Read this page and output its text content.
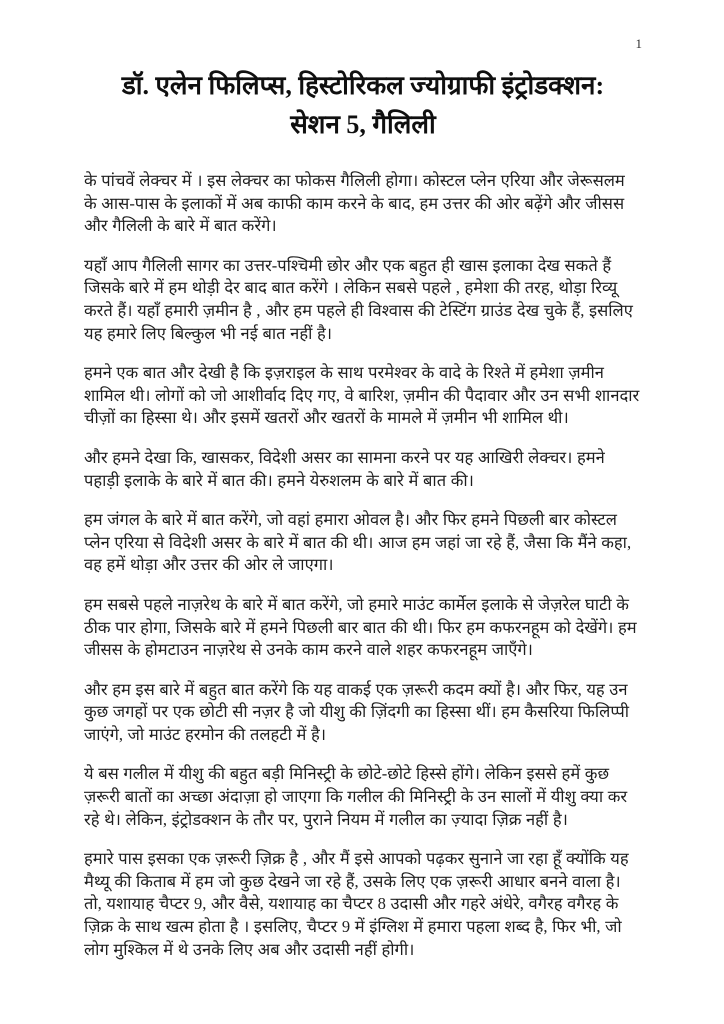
1
डॉ. एलेन फिलिप्स, हिस्टोरिकल ज्योग्राफी इंट्रोडक्शन:
सेशन 5, गैलिली

के पांचवें लेक्चर में । इस लेक्चर का फोकस गैलिली होगा। कोस्टल प्लेन एरिया और जेरूसलम के आस-पास के इलाकों में अब काफी काम करने के बाद, हम उत्तर की ओर बढ़ेंगे और जीसस और गैलिली के बारे में बात करेंगे।

यहाँ आप गैलिली सागर का उत्तर-पश्चिमी छोर और एक बहुत ही खास इलाका देख सकते हैं जिसके बारे में हम थोड़ी देर बाद बात करेंगे । लेकिन सबसे पहले , हमेशा की तरह, थोड़ा रिव्यू करते हैं। यहाँ हमारी ज़मीन है , और हम पहले ही विश्वास की टेस्टिंग ग्राउंड देख चुके हैं, इसलिए यह हमारे लिए बिल्कुल भी नई बात नहीं है।

हमने एक बात और देखी है कि इज़राइल के साथ परमेश्वर के वादे के रिश्ते में हमेशा ज़मीन शामिल थी। लोगों को जो आशीर्वाद दिए गए, वे बारिश, ज़मीन की पैदावार और उन सभी शानदार चीज़ों का हिस्सा थे। और इसमें खतरों और खतरों के मामले में ज़मीन भी शामिल थी।

और हमने देखा कि, खासकर, विदेशी असर का सामना करने पर यह आखिरी लेक्चर। हमने पहाड़ी इलाके के बारे में बात की। हमने येरुशलम के बारे में बात की।

हम जंगल के बारे में बात करेंगे, जो वहां हमारा ओवल है। और फिर हमने पिछली बार कोस्टल प्लेन एरिया से विदेशी असर के बारे में बात की थी। आज हम जहां जा रहे हैं, जैसा कि मैंने कहा, वह हमें थोड़ा और उत्तर की ओर ले जाएगा।

हम सबसे पहले नाज़रेथ के बारे में बात करेंगे, जो हमारे माउंट कार्मेल इलाके से जेज़रेल घाटी के ठीक पार होगा, जिसके बारे में हमने पिछली बार बात की थी। फिर हम कफरनहूम को देखेंगे। हम जीसस के होमटाउन नाज़रेथ से उनके काम करने वाले शहर कफरनहूम जाएँगे।

और हम इस बारे में बहुत बात करेंगे कि यह वाकई एक ज़रूरी कदम क्यों है। और फिर, यह उन कुछ जगहों पर एक छोटी सी नज़र है जो यीशु की ज़िंदगी का हिस्सा थीं। हम कैसरिया फिलिप्पी जाएंगे, जो माउंट हरमोन की तलहटी में है।

ये बस गलील में यीशु की बहुत बड़ी मिनिस्ट्री के छोटे-छोटे हिस्से होंगे। लेकिन इससे हमें कुछ ज़रूरी बातों का अच्छा अंदाज़ा हो जाएगा कि गलील की मिनिस्ट्री के उन सालों में यीशु क्या कर रहे थे। लेकिन, इंट्रोडक्शन के तौर पर, पुराने नियम में गलील का ज़्यादा ज़िक्र नहीं है।

हमारे पास इसका एक ज़रूरी ज़िक्र है , और मैं इसे आपको पढ़कर सुनाने जा रहा हूँ क्योंकि यह मैथ्यू की किताब में हम जो कुछ देखने जा रहे हैं, उसके लिए एक ज़रूरी आधार बनने वाला है। तो, यशायाह चैप्टर 9, और वैसे, यशायाह का चैप्टर 8 उदासी और गहरे अंधेरे, वगैरह वगैरह के ज़िक्र के साथ खत्म होता है । इसलिए, चैप्टर 9 में इंग्लिश में हमारा पहला शब्द है, फिर भी, जो लोग मुश्किल में थे उनके लिए अब और उदासी नहीं होगी।
